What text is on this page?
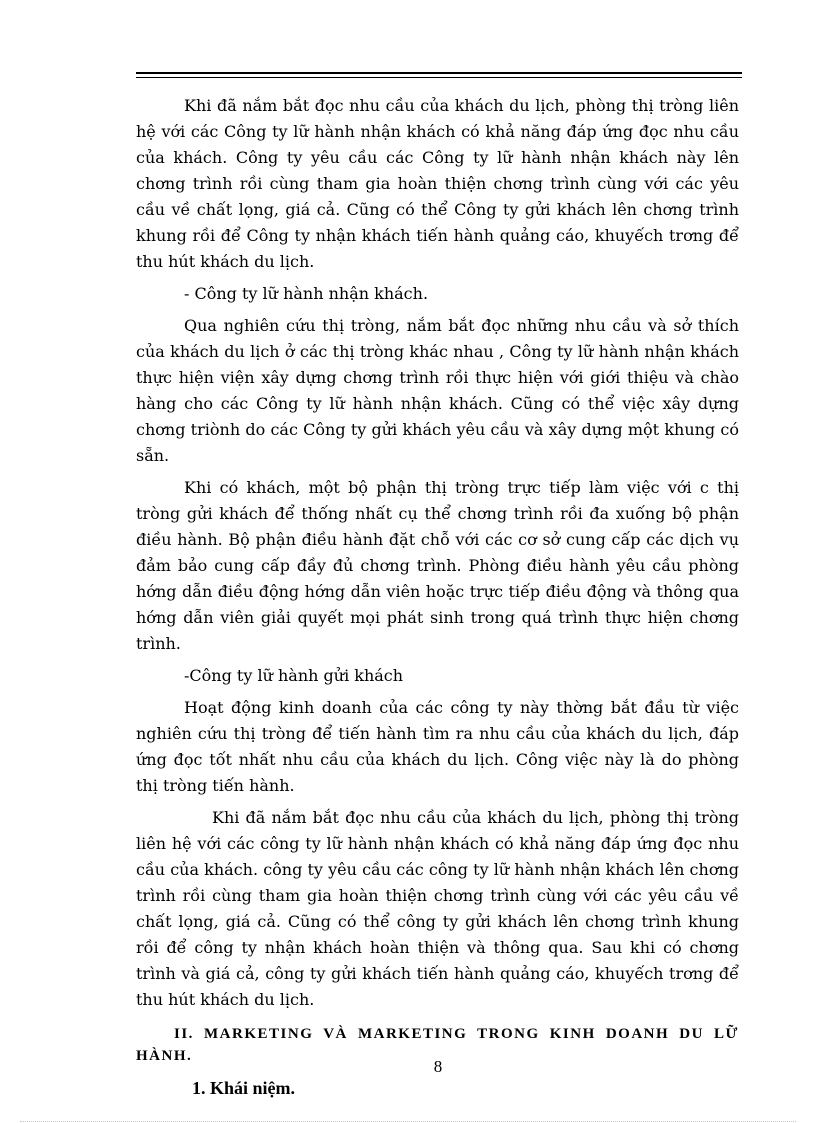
Khi đã nắm bắt đọc nhu cầu của khách du lịch, phòng thị tròng liên hệ với các Công ty lữ hành nhận khách có khả năng đáp ứng đọc nhu cầu của khách. Công ty yêu cầu các Công ty lữ hành nhận khách này lên chơng trình rồi cùng tham gia hoàn thiện chơng trình cùng với các yêu cầu về chất lọng, giá cả. Cũng có thể Công ty gửi khách lên chơng trình khung rồi để Công ty nhận khách tiến hành quảng cáo, khuyếch trơng để thu hút khách du lịch.

- Công ty lữ hành nhận khách.

Qua nghiên cứu thị tròng, nắm bắt đọc những nhu cầu và sở thích của khách du lịch ở các thị tròng khác nhau , Công ty lữ hành nhận khách thực hiện viện xây dựng chơng trình rồi thực hiện với giới thiệu và chào hàng cho các Công ty lữ hành nhận khách. Cũng có thể việc xây dựng chơng triònh do các Công ty gửi khách yêu cầu và xây dựng một khung có sẵn.

Khi có khách, một bộ phận thị tròng trực tiếp làm việc với c thị tròng gửi khách để thống nhất cụ thể chơng trình rồi đa xuống bộ phận điều hành. Bộ phận điều hành đặt chỗ với các cơ sở cung cấp các dịch vụ đảm bảo cung cấp đầy đủ chơng trình. Phòng điều hành yêu cầu phòng hớng dẫn điều động hớng dẫn viên hoặc trực tiếp điều động và thông qua hớng dẫn viên giải quyết mọi phát sinh trong quá trình thực hiện chơng trình.

-Công ty lữ hành gửi khách

Hoạt động kinh doanh của các công ty này thờng bắt đầu từ việc nghiên cứu thị tròng để tiến hành tìm ra nhu cầu của khách du lịch, đáp ứng đọc tốt nhất nhu cầu của khách du lịch. Công việc này là do phòng thị tròng tiến hành.

Khi đã nắm bắt đọc nhu cầu của khách du lịch, phòng thị tròng liên hệ với các công ty lữ hành nhận khách có khả năng đáp ứng đọc nhu cầu của khách. công ty yêu cầu các công ty lữ hành nhận khách lên chơng trình rồi cùng tham gia hoàn thiện chơng trình cùng với các yêu cầu về chất lọng, giá cả. Cũng có thể công ty gửi khách lên chơng trình khung rồi để công ty nhận khách hoàn thiện và thông qua. Sau khi có chơng trình và giá cả, công ty gửi khách tiến hành quảng cáo, khuyếch trơng để thu hút khách du lịch.

II. MARKETING VÀ MARKETING TRONG KINH DOANH DU LỮ HÀNH.
1. Khái niệm.
8
